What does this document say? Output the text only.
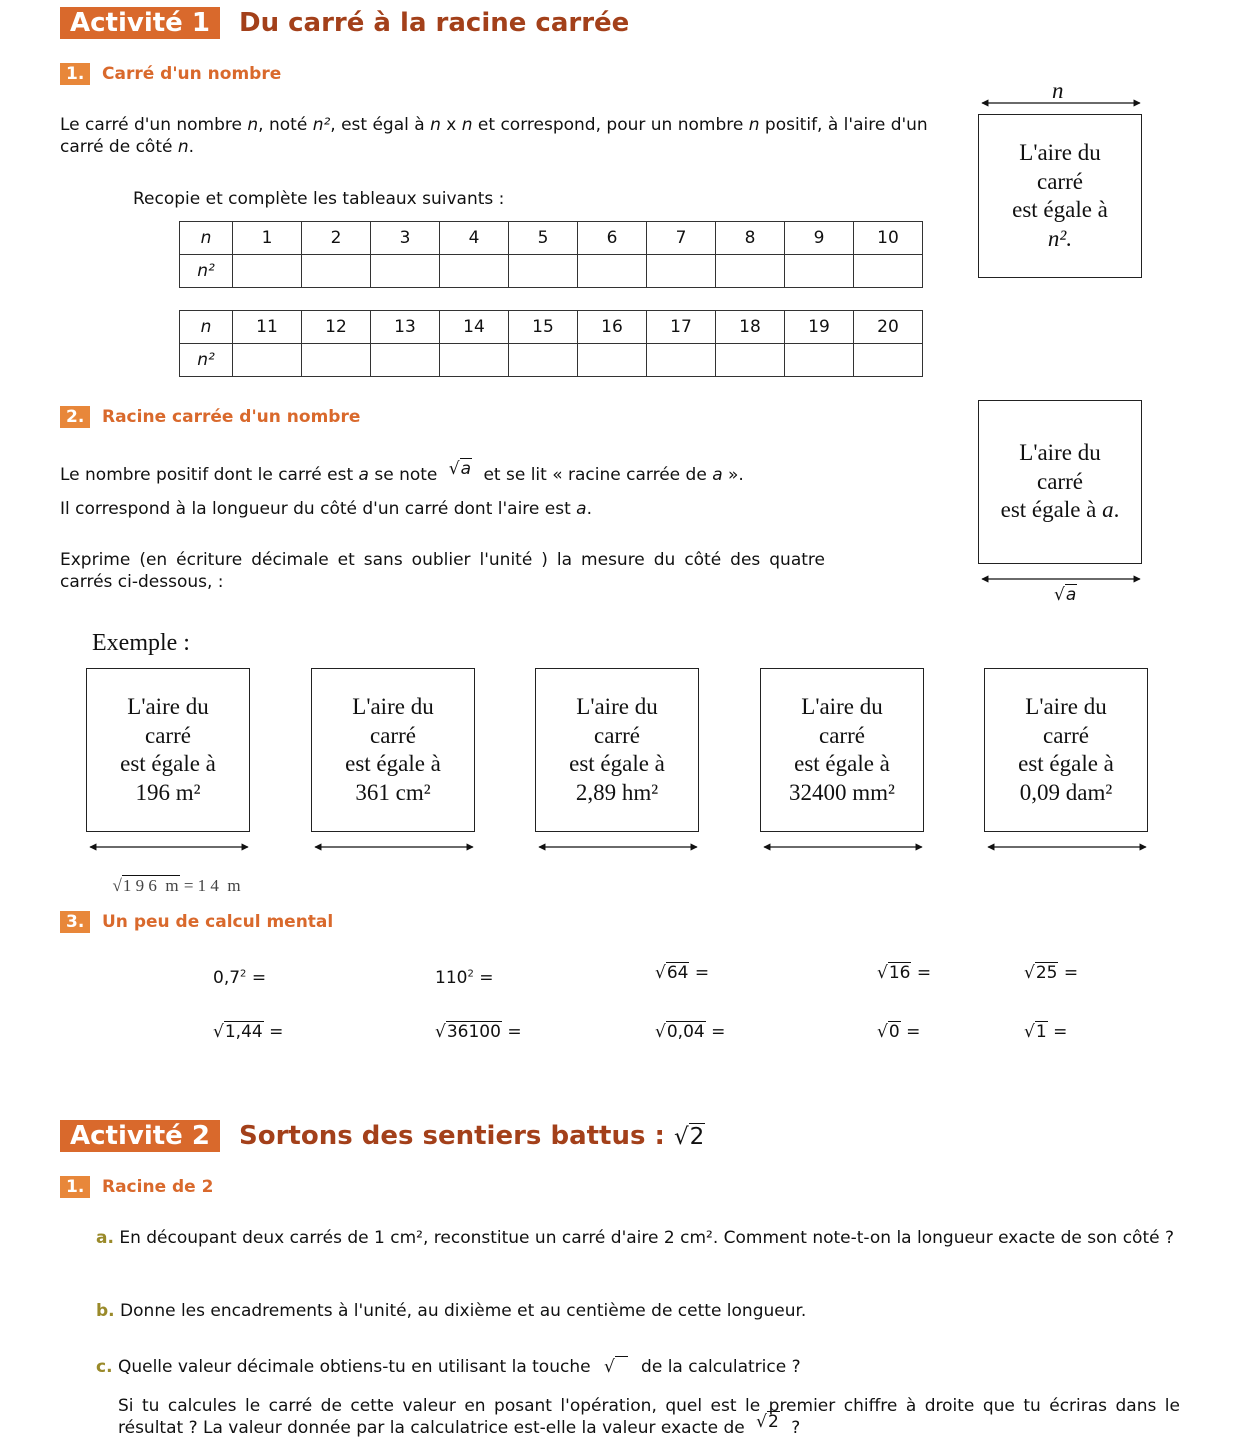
Activité 1	Du carré à la racine carrée
1.	Carré d'un nombre
Le carré d'un nombre n, noté n², est égal à n x n et correspond, pour un nombre n positif, à l'aire d'un carré de côté n.
Recopie et complète les tableaux suivants :
n	1	2	3	4	5	6	7	8	9	10
n²										
n	11	12	13	14	15	16	17	18	19	20
n²										
n
L'aire du
carré
est égale à
n².
2.	Racine carrée d'un nombre
Le nombre positif dont le carré est a se note √a et se lit « racine carrée de a ».
Il correspond à la longueur du côté d'un carré dont l'aire est a.
Exprime (en écriture décimale et sans oublier l'unité ) la mesure du côté des quatre carrés ci-dessous, :
L'aire du
carré
est égale à a.
√a
Exemple :
L'aire du
carré
est égale à
196 m²
L'aire du
carré
est égale à
361 cm²
L'aire du
carré
est égale à
2,89 hm²
L'aire du
carré
est égale à
32400 mm²
L'aire du
carré
est égale à
0,09 dam²

√1 9 6  m = 1 4  m

3.	Un peu de calcul mental
$0,7^2$ =	$110^2$ =	√64 =	√16 =	√25 =
√1,44 =	√36100 =	√0,04 =	√0 =	√1 =
Activité 2	Sortons des sentiers battus : √2
1.	Racine de 2
a. En découpant deux carrés de 1 cm², reconstitue un carré d'aire 2 cm². Comment note-t-on la longueur exacte de son côté ?
b. Donne les encadrements à l'unité, au dixième et au centième de cette longueur.
c. Quelle valeur décimale obtiens-tu en utilisant la touche √ de la calculatrice ?
Si tu calcules le carré de cette valeur en posant l'opération, quel est le premier chiffre à droite que tu écriras dans le résultat ? La valeur donnée par la calculatrice est-elle la valeur exacte de √2 ?
